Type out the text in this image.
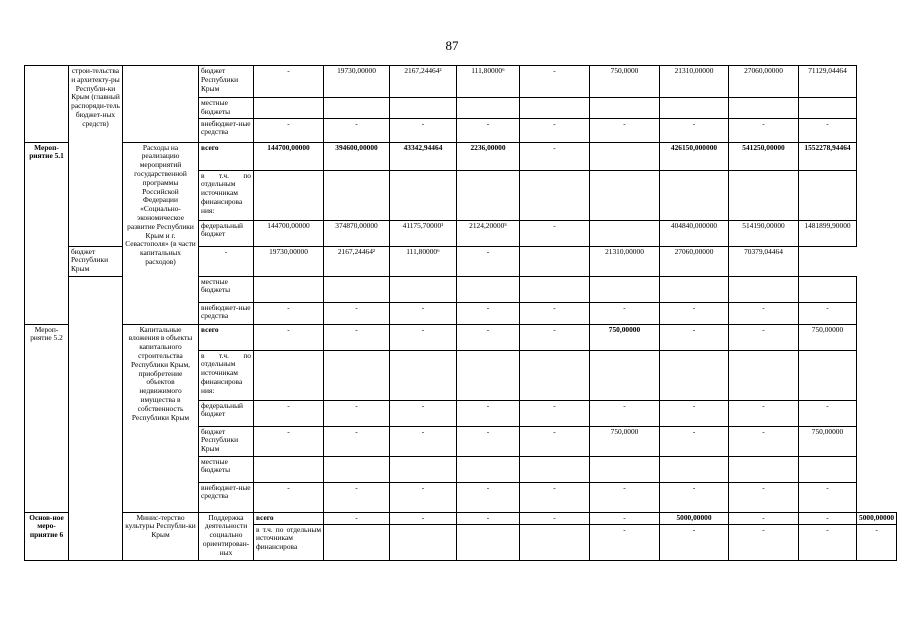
87
	строи-тельства и архитекту-ры Республи-ки Крым (главный распоряди-тель бюджет-ных средств)		бюджет Республики Крым	-	19730,00000	2167,24464²	111,80000⁶	-	750,0000	21310,00000	27060,00000	71129,04464	
			местные бюджеты										
			внебюджет-ные средства	-	-	-	-	-	-	-	-	-	
Мероп-риятие 5.1		Расходы на реализацию мероприятий государственной программы Российской Федерации «Социально-экономическое развитие Республики Крым и г. Севастополя» (в части капитальных расходов)	всего	144700,00000	394600,00000	43342,94464	2236,00000	-		426150,000000	541250,00000	1552278,94464	
			в т.ч. по отдельным источникам финансирова ния:										
			федеральный бюджет	144700,00000	374870,00000	41175,70000¹	2124,20000⁵	-		404840,000000	514190,00000	1481899,90000	
	бюджет Республики Крым		-	19730,00000	2167,24464²	111,80000⁶	-		21310,00000	27060,00000	70379,04464		
			местные бюджеты										
			внебюджет-ные средства	-	-	-	-	-	-	-	-	-	
Мероп-риятие 5.2		Капитальные вложения в объекты капитального строительства Республики Крым, приобретение объектов недвижимого имущества в собственность Республики Крым	всего	-	-	-	-	-	750,00000	-	-	750,00000	
			в т.ч. по отдельным источникам финансирова ния:										
			федеральный бюджет	-	-	-	-	-	-	-	-	-	
			бюджет Республики Крым	-	-	-	-	-	750,0000	-	-	750,00000	
			местные бюджеты										
			внебюджет-ные средства	-	-	-	-	-	-	-	-	-	
Основ-ное меро-приятие 6		Минис-терство культуры Республи-ки Крым	Поддержка деятельности социально ориентирован-ных	всего	-	-	-	-	-	5000,00000	-	-	5000,00000
				в т.ч. по отдельным источникам финансирова					-	-	-	-	-
